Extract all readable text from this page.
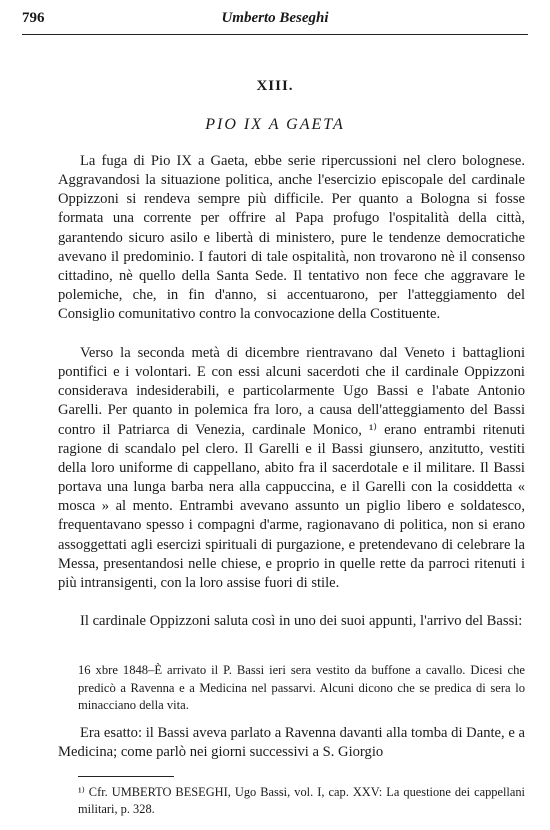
796	Umberto Beseghi
XIII.
PIO IX A GAETA
La fuga di Pio IX a Gaeta, ebbe serie ripercussioni nel clero bolognese. Aggravandosi la situazione politica, anche l'esercizio episcopale del cardinale Oppizzoni si rendeva sempre più difficile. Per quanto a Bologna si fosse formata una corrente per offrire al Papa profugo l'ospitalità della città, garantendo sicuro asilo e libertà di ministero, pure le tendenze democratiche avevano il predominio. I fautori di tale ospitalità, non trovarono nè il consenso cittadino, nè quello della Santa Sede. Il tentativo non fece che aggravare le polemiche, che, in fin d'anno, si accentuarono, per l'atteggiamento del Consiglio comunitativo contro la convocazione della Costituente.
Verso la seconda metà di dicembre rientravano dal Veneto i battaglioni pontifici e i volontari. E con essi alcuni sacerdoti che il cardinale Oppizzoni considerava indesiderabili, e particolarmente Ugo Bassi e l'abate Antonio Garelli. Per quanto in polemica fra loro, a causa dell'atteggiamento del Bassi contro il Patriarca di Venezia, cardinale Monico, ¹⁾ erano entrambi ritenuti ragione di scandalo pel clero. Il Garelli e il Bassi giunsero, anzitutto, vestiti della loro uniforme di cappellano, abito fra il sacerdotale e il militare. Il Bassi portava una lunga barba nera alla cappuccina, e il Garelli con la cosiddetta « mosca » al mento. Entrambi avevano assunto un piglio libero e soldatesco, frequentavano spesso i compagni d'arme, ragionavano di politica, non si erano assoggettati agli esercizi spirituali di purgazione, e pretendevano di celebrare la Messa, presentandosi nelle chiese, e proprio in quelle rette da parroci ritenuti i più intransigenti, con la loro assise fuori di stile.
Il cardinale Oppizzoni saluta così in uno dei suoi appunti, l'arrivo del Bassi:
16 xbre 1848–È arrivato il P. Bassi ieri sera vestito da buffone a cavallo. Dicesi che predicò a Ravenna e a Medicina nel passarvi. Alcuni dicono che se predica di sera lo minacciano della vita.
Era esatto: il Bassi aveva parlato a Ravenna davanti alla tomba di Dante, e a Medicina; come parlò nei giorni successivi a S. Giorgio
¹⁾ Cfr. UMBERTO BESEGHI, Ugo Bassi, vol. I, cap. XXV: La questione dei cappellani militari, p. 328.
